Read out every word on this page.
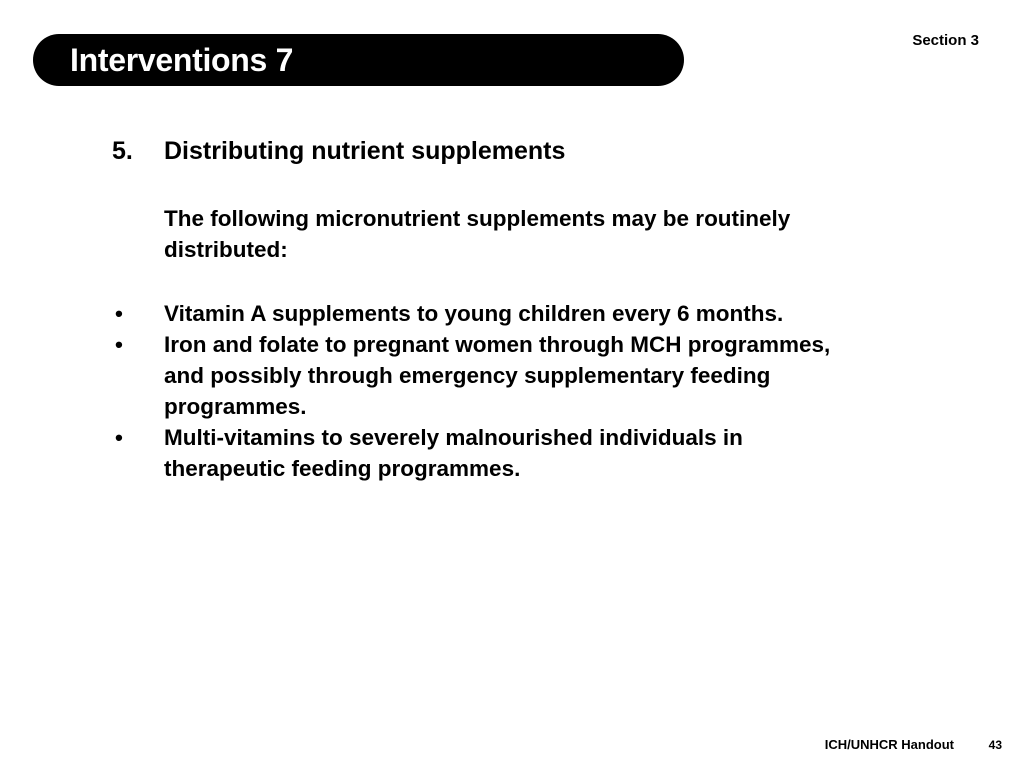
Interventions 7
Section 3
5.	Distributing nutrient supplements
The following micronutrient supplements may be routinely distributed:
•	Vitamin A supplements to young children every 6 months.
•	Iron and folate to pregnant women through MCH programmes, and possibly through emergency supplementary feeding programmes.
•	Multi-vitamins to severely malnourished individuals in therapeutic feeding programmes.
ICH/UNHCR Handout	43
